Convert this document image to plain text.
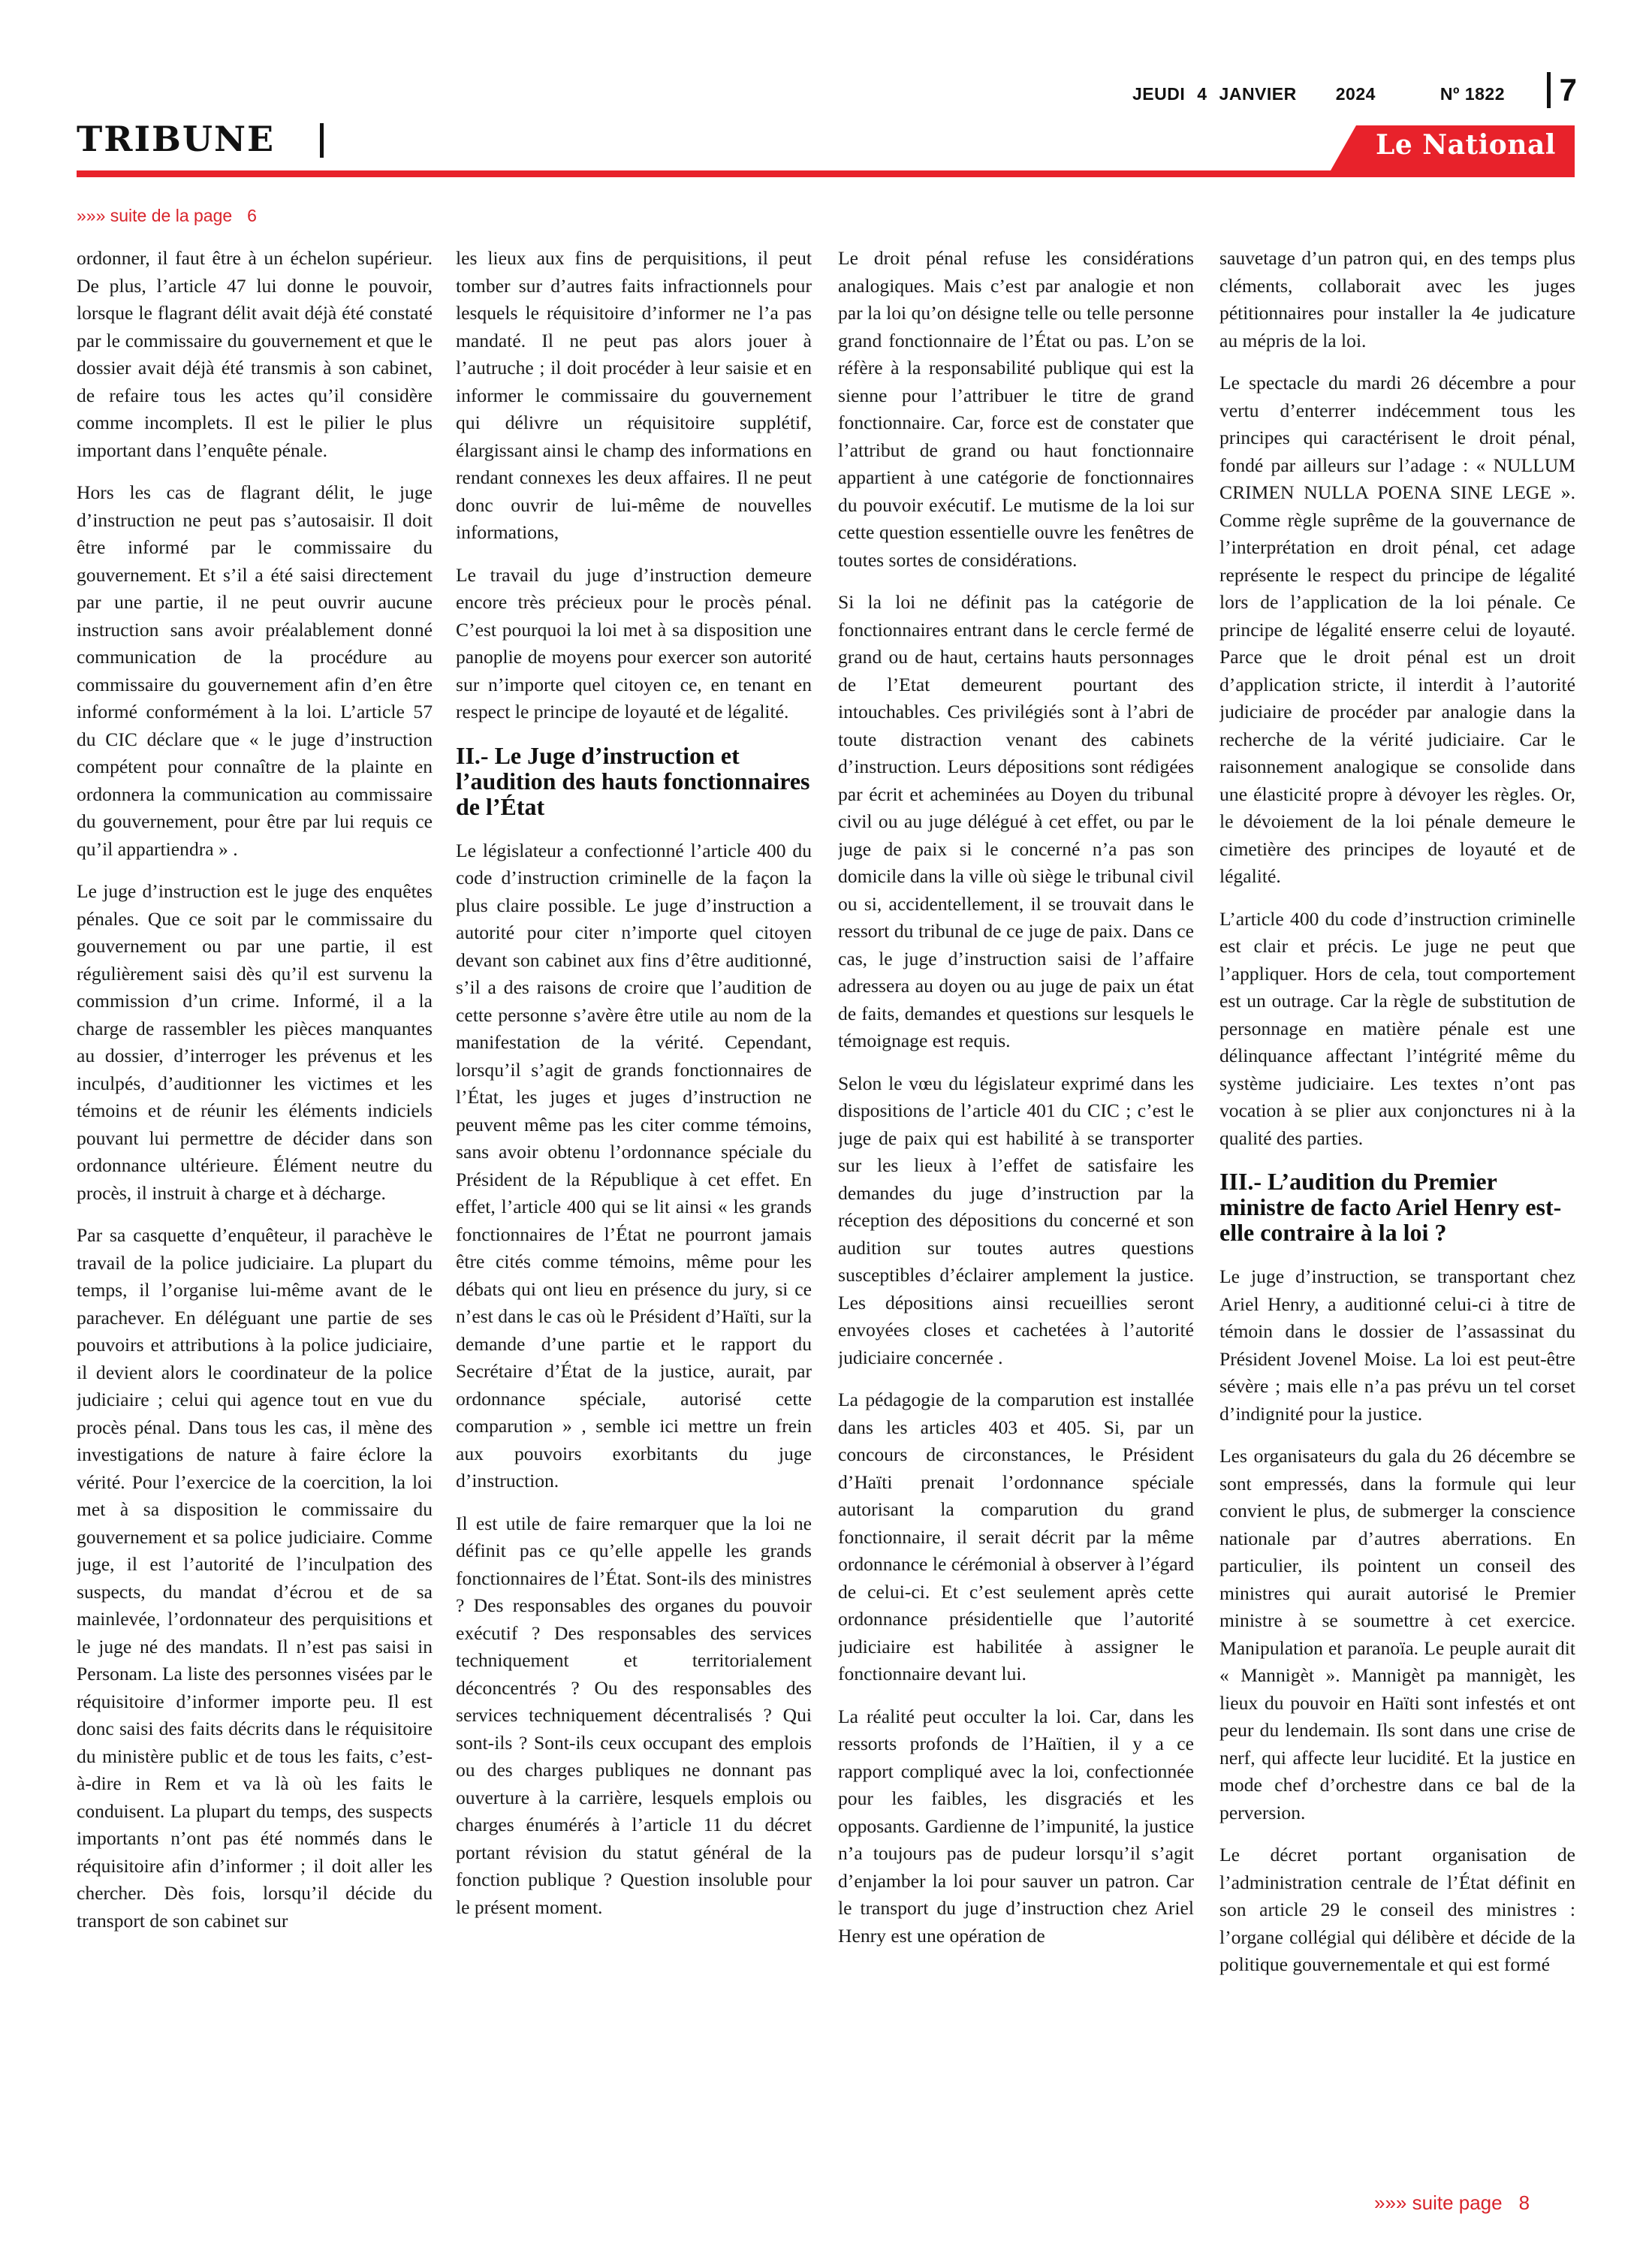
JEUDI 4 JANVIER 2024	Nº 1822 7
TRIBUNE	Le National
»»» suite de la page 6

ordonner, il faut être à un échelon supérieur. De plus, l’article 47 lui donne le pouvoir, lorsque le flagrant délit avait déjà été constaté par le commissaire du gouvernement et que le dossier avait déjà été transmis à son cabinet, de refaire tous les actes qu’il considère comme incomplets. Il est le pilier le plus important dans l’enquête pénale.

Hors les cas de flagrant délit, le juge d’instruction ne peut pas s’autosaisir. Il doit être informé par le commissaire du gouvernement. Et s’il a été saisi directement par une partie, il ne peut ouvrir aucune instruction sans avoir préalablement donné communication de la procédure au commissaire du gouvernement afin d’en être informé conformément à la loi. L’article 57 du CIC déclare que « le juge d’instruction compétent pour connaître de la plainte en ordonnera la communication au commissaire du gouvernement, pour être par lui requis ce qu’il appartiendra » .

Le juge d’instruction est le juge des enquêtes pénales. Que ce soit par le commissaire du gouvernement ou par une partie, il est régulièrement saisi dès qu’il est survenu la commission d’un crime. Informé, il a la charge de rassembler les pièces manquantes au dossier, d’interroger les prévenus et les inculpés, d’auditionner les victimes et les témoins et de réunir les éléments indiciels pouvant lui permettre de décider dans son ordonnance ultérieure. Élément neutre du procès, il instruit à charge et à décharge.

Par sa casquette d’enquêteur, il parachève le travail de la police judiciaire. La plupart du temps, il l’organise lui-même avant de le parachever. En déléguant une partie de ses pouvoirs et attributions à la police judiciaire, il devient alors le coordinateur de la police judiciaire ; celui qui agence tout en vue du procès pénal. Dans tous les cas, il mène des investigations de nature à faire éclore la vérité. Pour l’exercice de la coercition, la loi met à sa disposition le commissaire du gouvernement et sa police judiciaire. Comme juge, il est l’autorité de l’inculpation des suspects, du mandat d’écrou et de sa mainlevée, l’ordonnateur des perquisitions et le juge né des mandats. Il n’est pas saisi in Personam. La liste des personnes visées par le réquisitoire d’informer importe peu. Il est donc saisi des faits décrits dans le réquisitoire du ministère public et de tous les faits, c’est-à-dire in Rem et va là où les faits le conduisent. La plupart du temps, des suspects importants n’ont pas été nommés dans le réquisitoire afin d’informer ; il doit aller les chercher. Dès fois, lorsqu’il décide du transport de son cabinet sur

les lieux aux fins de perquisitions, il peut tomber sur d’autres faits infractionnels pour lesquels le réquisitoire d’informer ne l’a pas mandaté. Il ne peut pas alors jouer à l’autruche ; il doit procéder à leur saisie et en informer le commissaire du gouvernement qui délivre un réquisitoire supplétif, élargissant ainsi le champ des informations en rendant connexes les deux affaires. Il ne peut donc ouvrir de lui-même de nouvelles informations,

Le travail du juge d’instruction demeure encore très précieux pour le procès pénal. C’est pourquoi la loi met à sa disposition une panoplie de moyens pour exercer son autorité sur n’importe quel citoyen ce, en tenant en respect le principe de loyauté et de légalité.

II.- Le Juge d’instruction et l’audition des hauts fonctionnaires de l’État

Le législateur a confectionné l’article 400 du code d’instruction criminelle de la façon la plus claire possible. Le juge d’instruction a autorité pour citer n’importe quel citoyen devant son cabinet aux fins d’être auditionné, s’il a des raisons de croire que l’audition de cette personne s’avère être utile au nom de la manifestation de la vérité. Cependant, lorsqu’il s’agit de grands fonctionnaires de l’État, les juges et juges d’instruction ne peuvent même pas les citer comme témoins, sans avoir obtenu l’ordonnance spéciale du Président de la République à cet effet. En effet, l’article 400 qui se lit ainsi « les grands fonctionnaires de l’État ne pourront jamais être cités comme témoins, même pour les débats qui ont lieu en présence du jury, si ce n’est dans le cas où le Président d’Haïti, sur la demande d’une partie et le rapport du Secrétaire d’État de la justice, aurait, par ordonnance spéciale, autorisé cette comparution » , semble ici mettre un frein aux pouvoirs exorbitants du juge d’instruction.

Il est utile de faire remarquer que la loi ne définit pas ce qu’elle appelle les grands fonctionnaires de l’État. Sont-ils des ministres ? Des responsables des organes du pouvoir exécutif ? Des responsables des services techniquement et territorialement déconcentrés ? Ou des responsables des services techniquement décentralisés ? Qui sont-ils ? Sont-ils ceux occupant des emplois ou des charges publiques ne donnant pas ouverture à la carrière, lesquels emplois ou charges énumérés à l’article 11 du décret portant révision du statut général de la fonction publique ? Question insoluble pour le présent moment.

Le droit pénal refuse les considérations analogiques. Mais c’est par analogie et non par la loi qu’on désigne telle ou telle personne grand fonctionnaire de l’État ou pas. L’on se réfère à la responsabilité publique qui est la sienne pour l’attribuer le titre de grand fonctionnaire. Car, force est de constater que l’attribut de grand ou haut fonctionnaire appartient à une catégorie de fonctionnaires du pouvoir exécutif. Le mutisme de la loi sur cette question essentielle ouvre les fenêtres de toutes sortes de considérations.

Si la loi ne définit pas la catégorie de fonctionnaires entrant dans le cercle fermé de grand ou de haut, certains hauts personnages de l’Etat demeurent pourtant des intouchables. Ces privilégiés sont à l’abri de toute distraction venant des cabinets d’instruction. Leurs dépositions sont rédigées par écrit et acheminées au Doyen du tribunal civil ou au juge délégué à cet effet, ou par le juge de paix si le concerné n’a pas son domicile dans la ville où siège le tribunal civil ou si, accidentellement, il se trouvait dans le ressort du tribunal de ce juge de paix. Dans ce cas, le juge d’instruction saisi de l’affaire adressera au doyen ou au juge de paix un état de faits, demandes et questions sur lesquels le témoignage est requis.

Selon le vœu du législateur exprimé dans les dispositions de l’article 401 du CIC ; c’est le juge de paix qui est habilité à se transporter sur les lieux à l’effet de satisfaire les demandes du juge d’instruction par la réception des dépositions du concerné et son audition sur toutes autres questions susceptibles d’éclairer amplement la justice. Les dépositions ainsi recueillies seront envoyées closes et cachetées à l’autorité judiciaire concernée .

La pédagogie de la comparution est installée dans les articles 403 et 405. Si, par un concours de circonstances, le Président d’Haïti prenait l’ordonnance spéciale autorisant la comparution du grand fonctionnaire, il serait décrit par la même ordonnance le cérémonial à observer à l’égard de celui-ci. Et c’est seulement après cette ordonnance présidentielle que l’autorité judiciaire est habilitée à assigner le fonctionnaire devant lui.

La réalité peut occulter la loi. Car, dans les ressorts profonds de l’Haïtien, il y a ce rapport compliqué avec la loi, confectionnée pour les faibles, les disgraciés et les opposants. Gardienne de l’impunité, la justice n’a toujours pas de pudeur lorsqu’il s’agit d’enjamber la loi pour sauver un patron. Car le transport du juge d’instruction chez Ariel Henry est une opération de

sauvetage d’un patron qui, en des temps plus cléments, collaborait avec les juges pétitionnaires pour installer la 4e judicature au mépris de la loi.

Le spectacle du mardi 26 décembre a pour vertu d’enterrer indécemment tous les principes qui caractérisent le droit pénal, fondé par ailleurs sur l’adage : « NULLUM CRIMEN NULLA POENA SINE LEGE ». Comme règle suprême de la gouvernance de l’interprétation en droit pénal, cet adage représente le respect du principe de légalité lors de l’application de la loi pénale. Ce principe de légalité enserre celui de loyauté. Parce que le droit pénal est un droit d’application stricte, il interdit à l’autorité judiciaire de procéder par analogie dans la recherche de la vérité judiciaire. Car le raisonnement analogique se consolide dans une élasticité propre à dévoyer les règles. Or, le dévoiement de la loi pénale demeure le cimetière des principes de loyauté et de légalité.

L’article 400 du code d’instruction criminelle est clair et précis. Le juge ne peut que l’appliquer. Hors de cela, tout comportement est un outrage. Car la règle de substitution de personnage en matière pénale est une délinquance affectant l’intégrité même du système judiciaire. Les textes n’ont pas vocation à se plier aux conjonctures ni à la qualité des parties.

III.- L’audition du Premier ministre de facto Ariel Henry est-elle contraire à la loi ?

Le juge d’instruction, se transportant chez Ariel Henry, a auditionné celui-ci à titre de témoin dans le dossier de l’assassinat du Président Jovenel Moise. La loi est peut-être sévère ; mais elle n’a pas prévu un tel corset d’indignité pour la justice.

Les organisateurs du gala du 26 décembre se sont empressés, dans la formule qui leur convient le plus, de submerger la conscience nationale par d’autres aberrations. En particulier, ils pointent un conseil des ministres qui aurait autorisé le Premier ministre à se soumettre à cet exercice. Manipulation et paranoïa. Le peuple aurait dit « Mannigèt ». Mannigèt pa mannigèt, les lieux du pouvoir en Haïti sont infestés et ont peur du lendemain. Ils sont dans une crise de nerf, qui affecte leur lucidité. Et la justice en mode chef d’orchestre dans ce bal de la perversion.

Le décret portant organisation de l’administration centrale de l’État définit en son article 29 le conseil des ministres : l’organe collégial qui délibère et décide de la politique gouvernementale et qui est formé

»»» suite page 8
